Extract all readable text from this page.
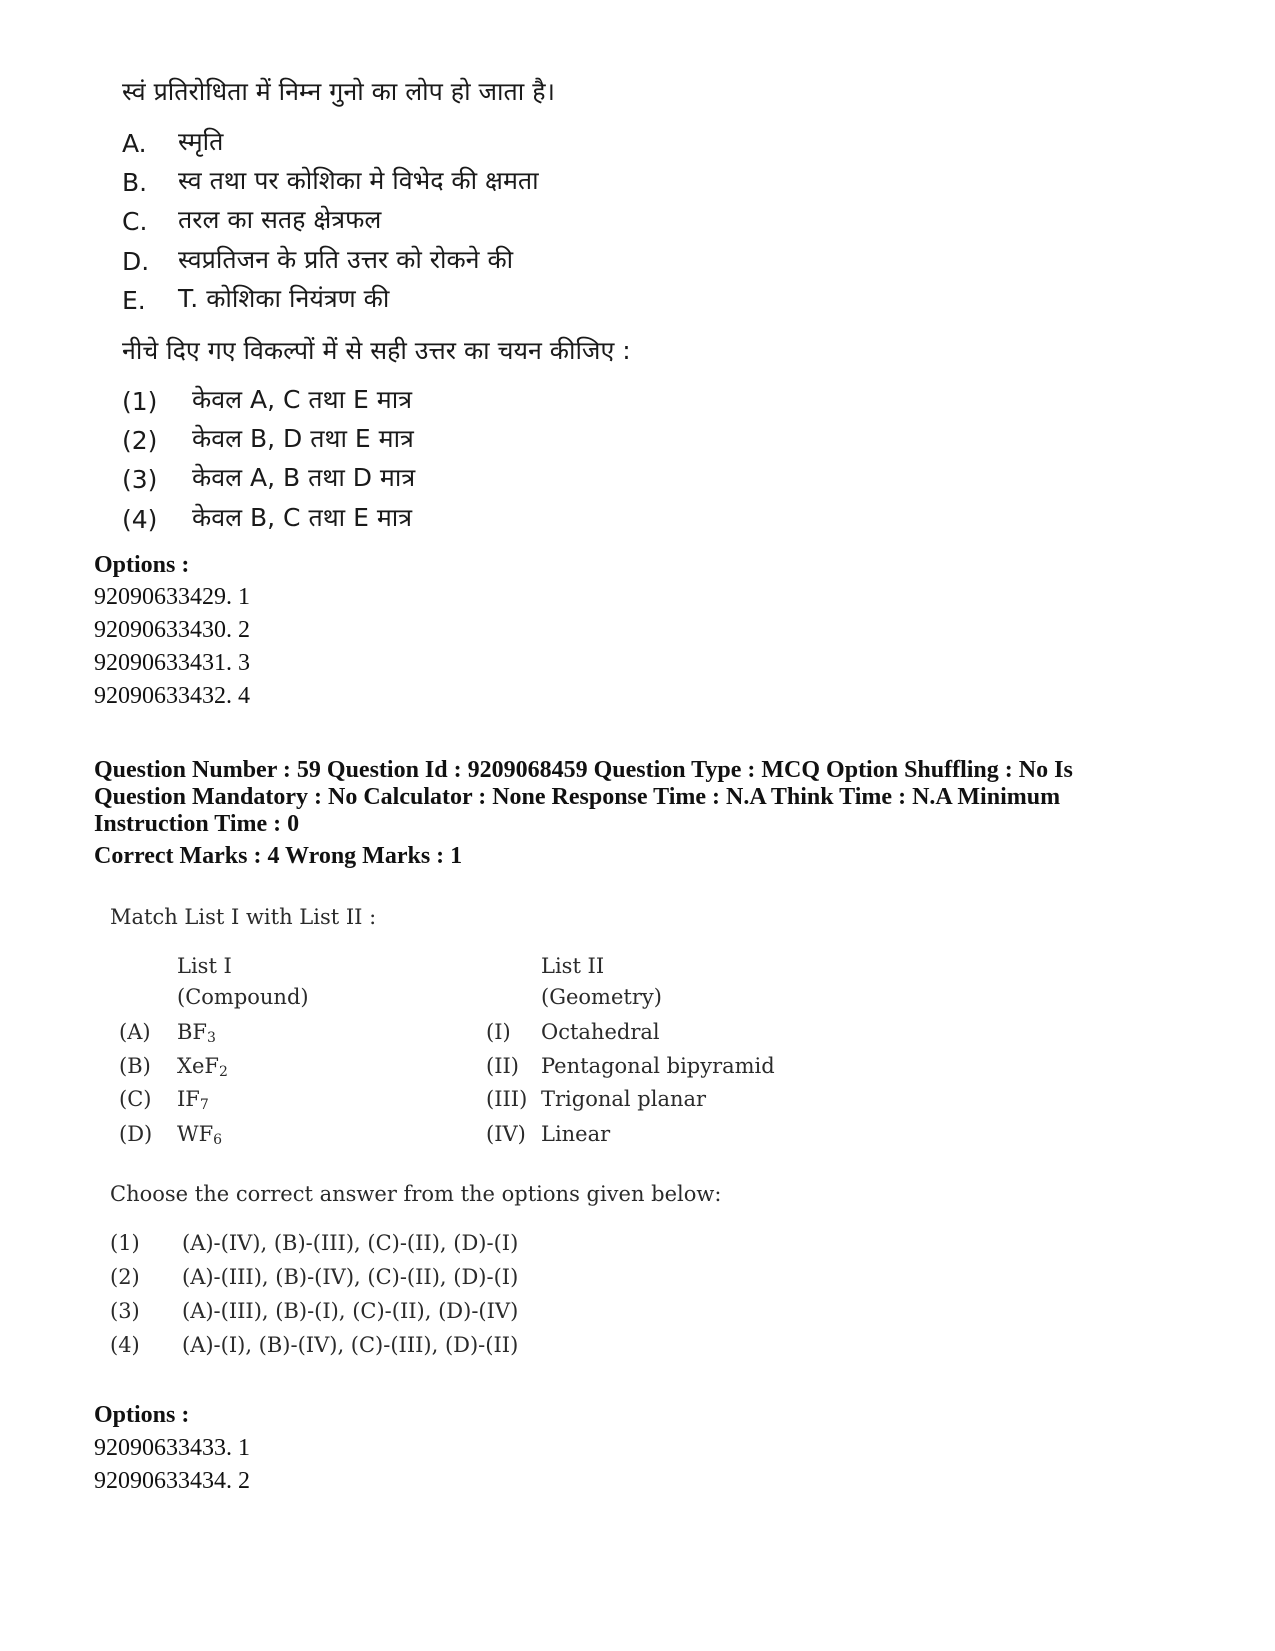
स्वं प्रतिरोधिता में निम्न गुनो का लोप हो जाता है।
A. स्मृति
B. स्व तथा पर कोशिका मे विभेद की क्षमता
C. तरल का सतह क्षेत्रफल
D. स्वप्रतिजन के प्रति उत्तर को रोकने की
E. T. कोशिका नियंत्रण की
नीचे दिए गए विकल्पों में से सही उत्तर का चयन कीजिए :
(1) केवल A, C तथा E मात्र
(2) केवल B, D तथा E मात्र
(3) केवल A, B तथा D मात्र
(4) केवल B, C तथा E मात्र
Options :
92090633429. 1
92090633430. 2
92090633431. 3
92090633432. 4
Question Number : 59 Question Id : 9209068459 Question Type : MCQ Option Shuffling : No Is
Question Mandatory : No Calculator : None Response Time : N.A Think Time : N.A Minimum
Instruction Time : 0
Correct Marks : 4 Wrong Marks : 1
Match List I with List II :
List I
(Compound)
List II
(Geometry)
(A) $BF_3$	(I) Octahedral
(B) XeF$_2$	(II) Pentagonal bipyramid
(C) $IF_7$	(III) Trigonal planar
(D) $WF_6$	(IV) Linear
Choose the correct answer from the options given below:
(1) (A)-(IV), (B)-(III), (C)-(II), (D)-(I)
(2) (A)-(III), (B)-(IV), (C)-(II), (D)-(I)
(3) (A)-(III), (B)-(I), (C)-(II), (D)-(IV)
(4) (A)-(I), (B)-(IV), (C)-(III), (D)-(II)
Options :
92090633433. 1
92090633434. 2
